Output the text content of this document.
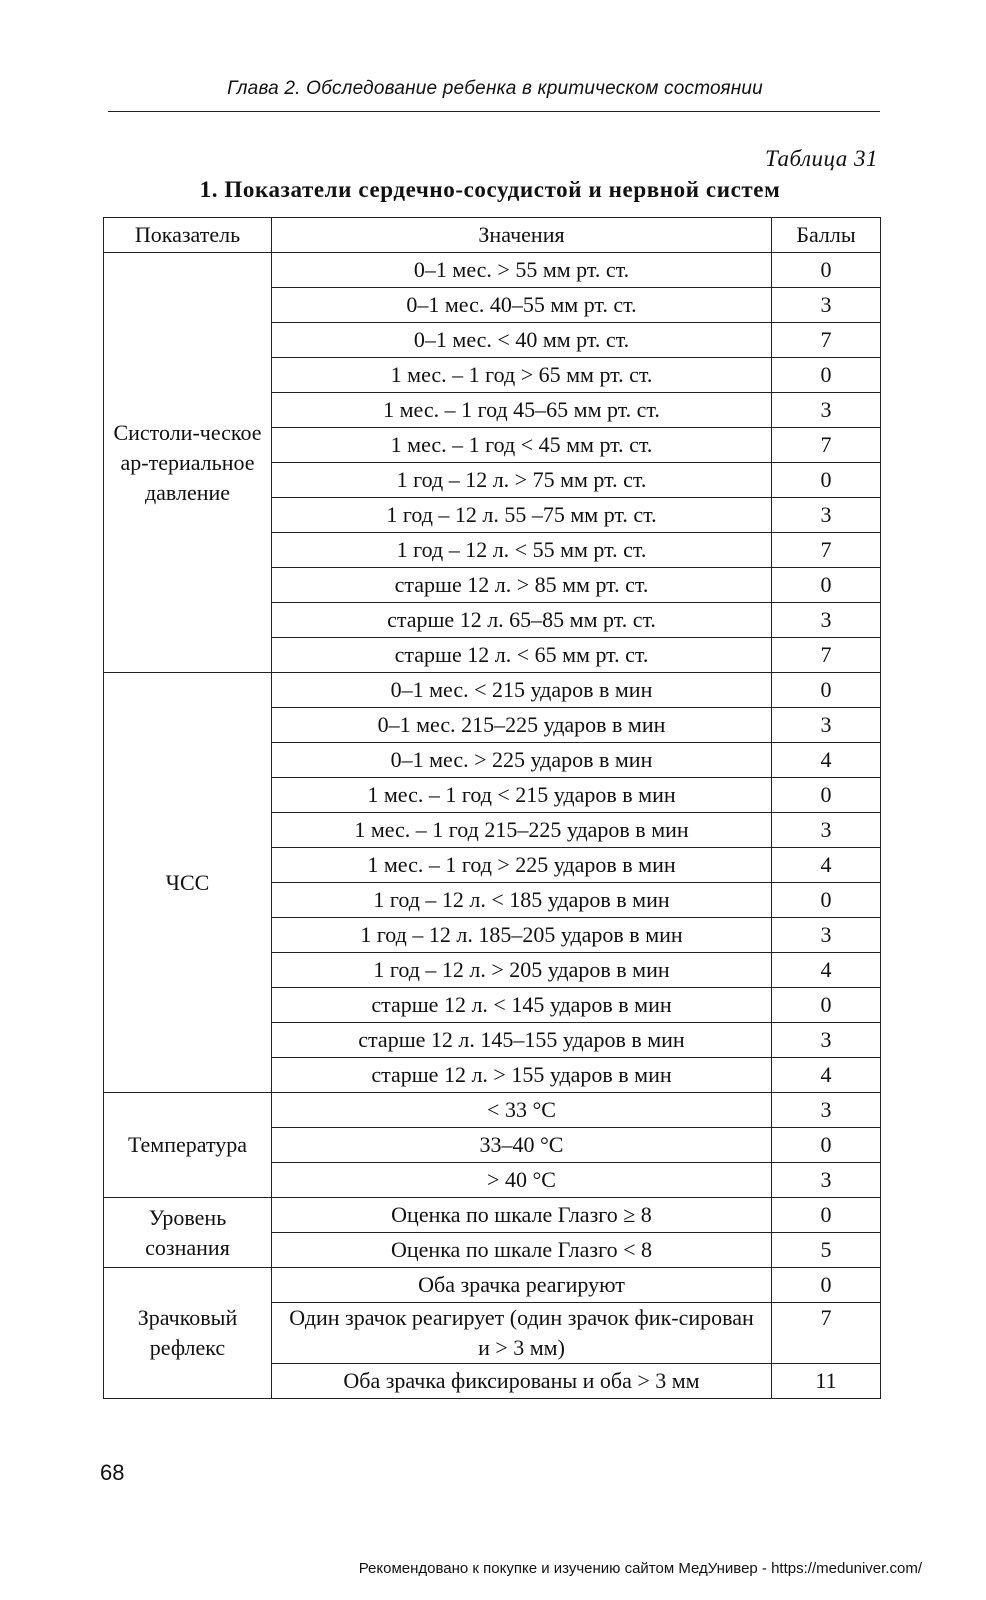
Глава 2. Обследование ребенка в критическом состоянии
Таблица 31
1. Показатели сердечно-сосудистой и нервной систем
Показатель	Значения	Баллы
Систоли-ческое ар-териальное давление	0–1 мес. > 55 мм рт. ст.	0
	0–1 мес. 40–55 мм рт. ст.	3
	0–1 мес. < 40 мм рт. ст.	7
	1 мес. – 1 год > 65 мм рт. ст.	0
	1 мес. – 1 год 45–65 мм рт. ст.	3
	1 мес. – 1 год < 45 мм рт. ст.	7
	1 год – 12 л. > 75 мм рт. ст.	0
	1 год – 12 л. 55 –75 мм рт. ст.	3
	1 год – 12 л. < 55 мм рт. ст.	7
	старше 12 л. > 85 мм рт. ст.	0
	старше 12 л. 65–85 мм рт. ст.	3
	старше 12 л. < 65 мм рт. ст.	7
ЧСС	0–1 мес. < 215 ударов в мин	0
	0–1 мес. 215–225 ударов в мин	3
	0–1 мес. > 225 ударов в мин	4
	1 мес. – 1 год < 215 ударов в мин	0
	1 мес. – 1 год 215–225 ударов в мин	3
	1 мес. – 1 год > 225 ударов в мин	4
	1 год – 12 л. < 185 ударов в мин	0
	1 год – 12 л. 185–205 ударов в мин	3
	1 год – 12 л. > 205 ударов в мин	4
	старше 12 л. < 145 ударов в мин	0
	старше 12 л. 145–155 ударов в мин	3
	старше 12 л. > 155 ударов в мин	4
Температура	< 33 °C	3
	33–40 °C	0
	> 40 °C	3
Уровень сознания	Оценка по шкале Глазго ≥ 8	0
	Оценка по шкале Глазго < 8	5
Зрачковый рефлекс	Оба зрачка реагируют	0
	Один зрачок реагирует (один зрачок фик-сирован и > 3 мм)	7
	Оба зрачка фиксированы и оба > 3 мм	11
68
Рекомендовано к покупке и изучению сайтом МедУнивер - https://meduniver.com/
